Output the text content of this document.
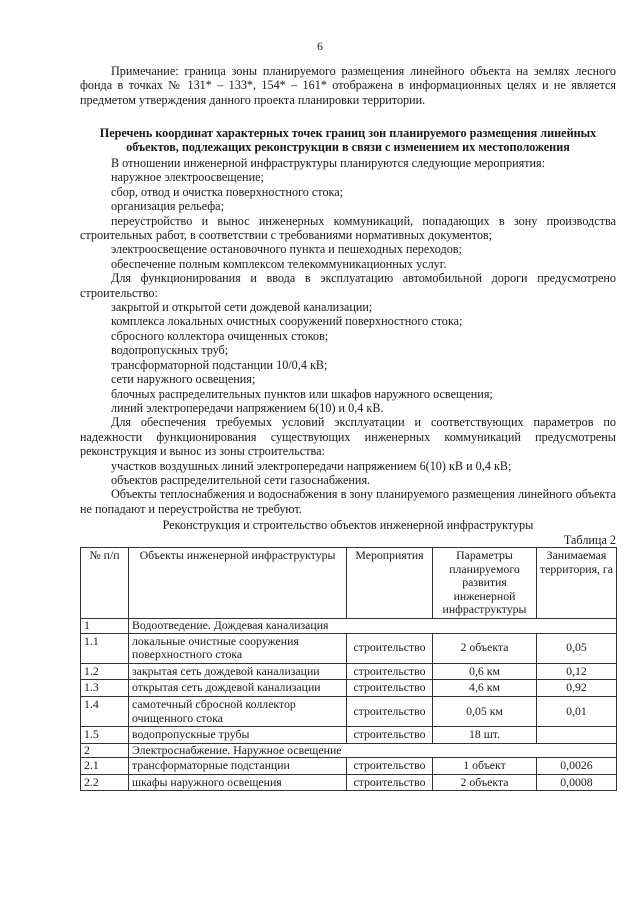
6

Примечание: граница зоны планируемого размещения линейного объекта на землях лесного фонда в точках № 131* – 133*, 154* – 161* отображена в информационных целях и не является предметом утверждения данного проекта планировки территории.

Перечень координат характерных точек границ зон планируемого размещения линейных объектов, подлежащих реконструкции в связи с изменением их местоположения

В отношении инженерной инфраструктуры планируются следующие мероприятия:

наружное электроосвещение;

сбор, отвод и очистка поверхностного стока;

организация рельефа;

переустройство и вынос инженерных коммуникаций, попадающих в зону производства строительных работ, в соответствии с требованиями нормативных документов;

электроосвещение остановочного пункта и пешеходных переходов;

обеспечение полным комплексом телекоммуникационных услуг.

Для функционирования и ввода в эксплуатацию автомобильной дороги предусмотрено строительство:

закрытой и открытой сети дождевой канализации;

комплекса локальных очистных сооружений поверхностного стока;

сбросного коллектора очищенных стоков;

водопропускных труб;

трансформаторной подстанции 10/0,4 кВ;

сети наружного освещения;

блочных распределительных пунктов или шкафов наружного освещения;

линий электропередачи напряжением 6(10) и 0,4 кВ.

Для обеспечения требуемых условий эксплуатации и соответствующих параметров по надежности функционирования существующих инженерных коммуникаций предусмотрены реконструкция и вынос из зоны строительства:

участков воздушных линий электропередачи напряжением 6(10) кВ и 0,4 кВ;

объектов распределительной сети газоснабжения.

Объекты теплоснабжения и водоснабжения в зону планируемого размещения линейного объекта не попадают и переустройства не требуют.

Реконструкция и строительство объектов инженерной инфраструктуры

Таблица 2

№ п/п	Объекты инженерной инфраструктуры	Мероприятия	Параметры планируемого развития инженерной инфраструктуры	Занимаемая территория, га
1	Водоотведение. Дождевая канализация			
1.1	локальные очистные сооружения поверхностного стока	строительство	2 объекта	0,05
1.2	закрытая сеть дождевой канализации	строительство	0,6 км	0,12
1.3	открытая сеть дождевой канализации	строительство	4,6 км	0,92
1.4	самотечный сбросной коллектор очищенного стока	строительство	0,05 км	0,01
1.5	водопропускные трубы	строительство	18 шт.	
2	Электроснабжение. Наружное освещение			
2.1	трансформаторные подстанции	строительство	1 объект	0,0026
2.2	шкафы наружного освещения	строительство	2 объекта	0,0008
